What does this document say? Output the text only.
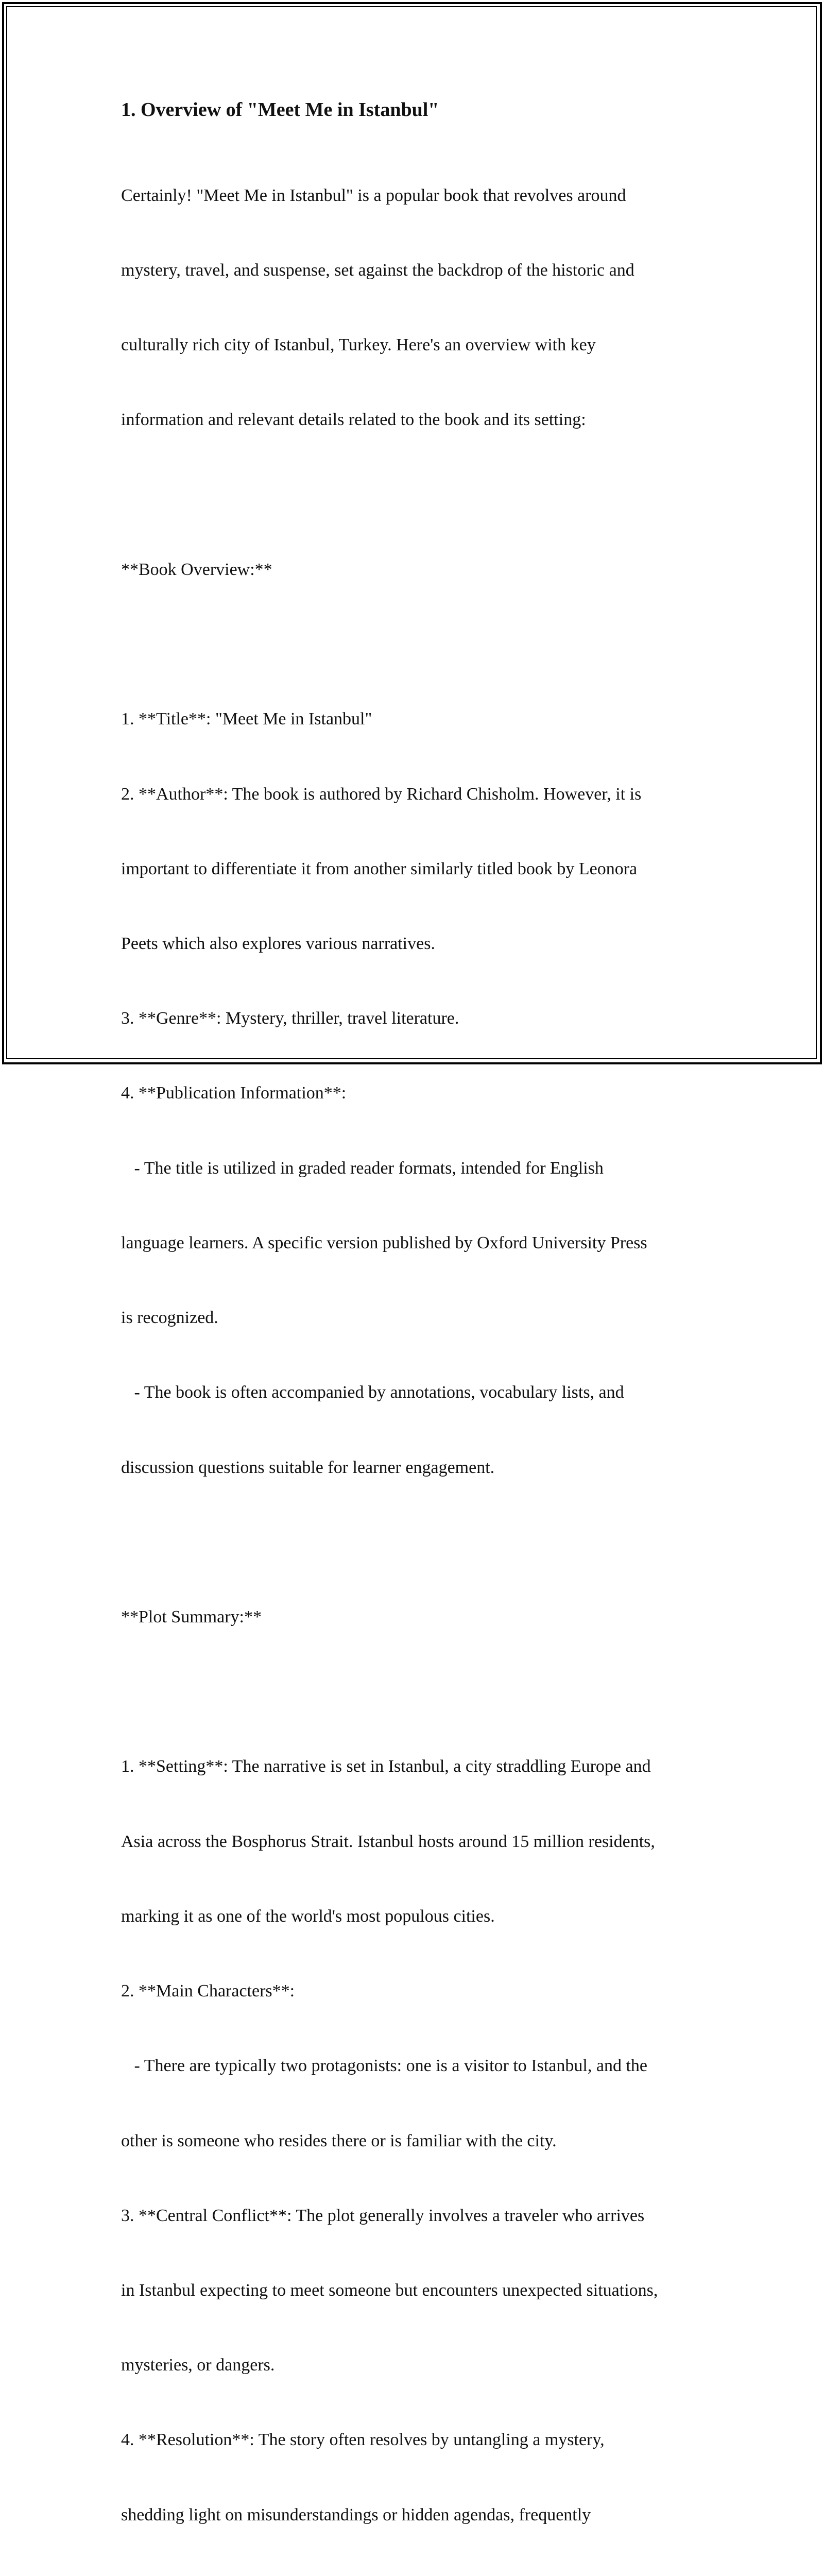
1. Overview of "Meet Me in Istanbul"

Certainly! "Meet Me in Istanbul" is a popular book that revolves around

mystery, travel, and suspense, set against the backdrop of the historic and

culturally rich city of Istanbul, Turkey. Here's an overview with key

information and relevant details related to the book and its setting:

**Book Overview:**

1. **Title**: "Meet Me in Istanbul"

2. **Author**: The book is authored by Richard Chisholm. However, it is

important to differentiate it from another similarly titled book by Leonora

Peets which also explores various narratives.

3. **Genre**: Mystery, thriller, travel literature.

4. **Publication Information**:

- The title is utilized in graded reader formats, intended for English

language learners. A specific version published by Oxford University Press

is recognized.

- The book is often accompanied by annotations, vocabulary lists, and

discussion questions suitable for learner engagement.

**Plot Summary:**

1. **Setting**: The narrative is set in Istanbul, a city straddling Europe and

Asia across the Bosphorus Strait. Istanbul hosts around 15 million residents,

marking it as one of the world's most populous cities.

2. **Main Characters**:

- There are typically two protagonists: one is a visitor to Istanbul, and the

other is someone who resides there or is familiar with the city.

3. **Central Conflict**: The plot generally involves a traveler who arrives

in Istanbul expecting to meet someone but encounters unexpected situations,

mysteries, or dangers.

4. **Resolution**: The story often resolves by untangling a mystery,

shedding light on misunderstandings or hidden agendas, frequently
